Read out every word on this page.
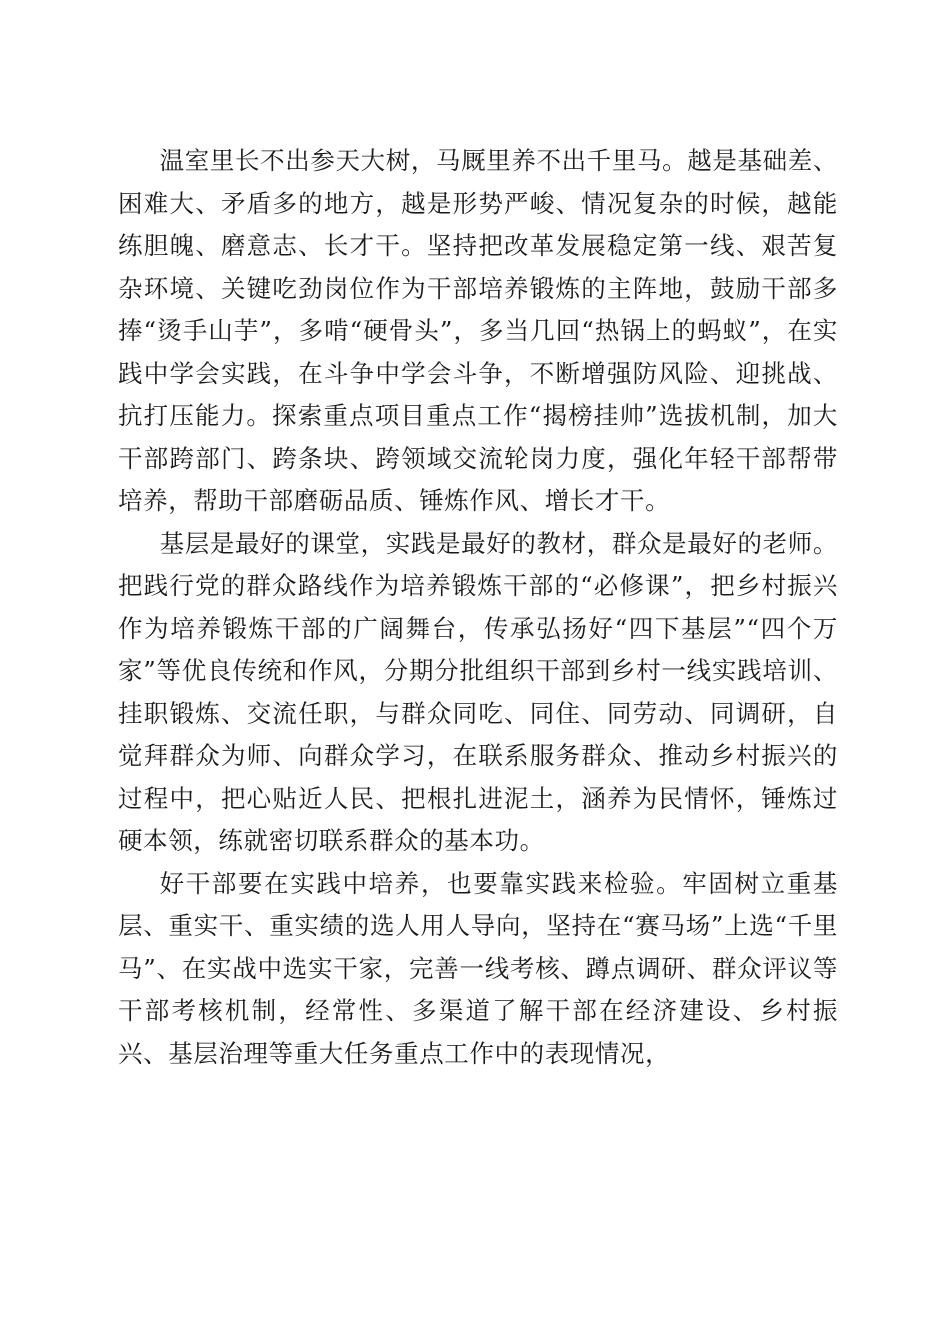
温室里长不出参天大树，马厩里养不出千里马。越是基础差、困难大、矛盾多的地方，越是形势严峻、情况复杂的时候，越能练胆魄、磨意志、长才干。坚持把改革发展稳定第一线、艰苦复杂环境、关键吃劲岗位作为干部培养锻炼的主阵地，鼓励干部多捧“烫手山芋”，多啃“硬骨头”，多当几回“热锅上的蚂蚁”，在实践中学会实践，在斗争中学会斗争，不断增强防风险、迎挑战、抗打压能力。探索重点项目重点工作“揭榜挂帅”选拔机制，加大干部跨部门、跨条块、跨领域交流轮岗力度，强化年轻干部帮带培养，帮助干部磨砺品质、锤炼作风、增长才干。

基层是最好的课堂，实践是最好的教材，群众是最好的老师。把践行党的群众路线作为培养锻炼干部的“必修课”，把乡村振兴作为培养锻炼干部的广阔舞台，传承弘扬好“四下基层”“四个万家”等优良传统和作风，分期分批组织干部到乡村一线实践培训、挂职锻炼、交流任职，与群众同吃、同住、同劳动、同调研，自觉拜群众为师、向群众学习，在联系服务群众、推动乡村振兴的过程中，把心贴近人民、把根扎进泥土，涵养为民情怀，锤炼过硬本领，练就密切联系群众的基本功。

好干部要在实践中培养，也要靠实践来检验。牢固树立重基层、重实干、重实绩的选人用人导向，坚持在“赛马场”上选“千里马”、在实战中选实干家，完善一线考核、蹲点调研、群众评议等干部考核机制，经常性、多渠道了解干部在经济建设、乡村振兴、基层治理等重大任务重点工作中的表现情况，
